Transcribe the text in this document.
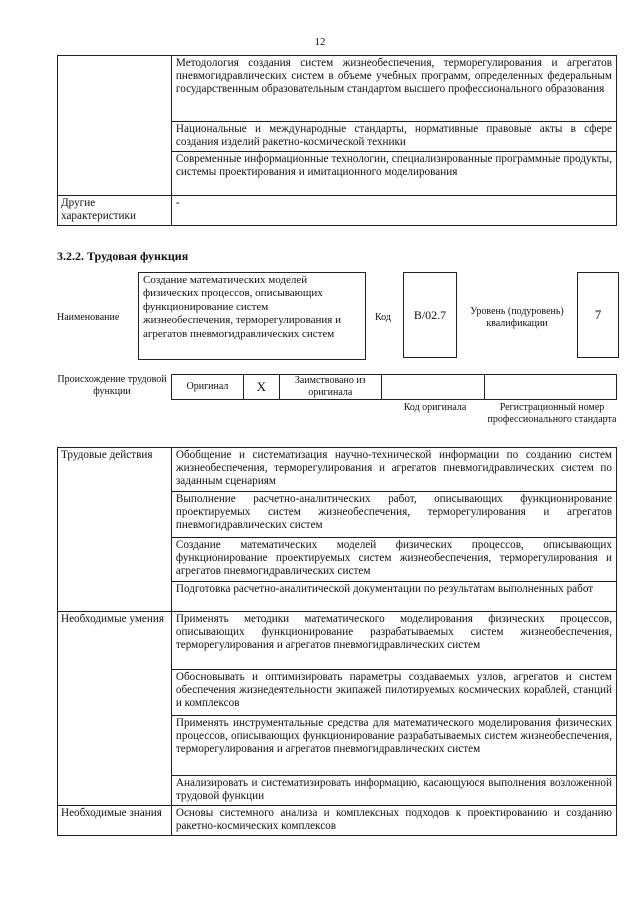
12
	Методология создания систем жизнеобеспечения, терморегулирования и агрегатов пневмогидравлических систем в объеме учебных программ, определенных федеральным государственным образовательным стандартом высшего профессионального образования
	Национальные и международные стандарты, нормативные правовые акты в сфере создания изделий ракетно-космической техники
	Современные информационные технологии, специализированные программные продукты, системы проектирования и имитационного моделирования
Другие характеристики	-
3.2.2. Трудовая функция
Наименование
Создание математических моделей физических процессов, описывающих функционирование систем жизнеобеспечения, терморегулирования и агрегатов пневмогидравлических систем
Код	B/02.7	Уровень (подуровень) квалификации
7
Происхождение трудовой функции	Оригинал	X	Заимствовано из оригинала		
Код оригинала	Регистрационный номер профессионального стандарта
Трудовые действия	Обобщение и систематизация научно-технической информации по созданию систем жизнеобеспечения, терморегулирования и агрегатов пневмогидравлических систем по заданным сценариям
	Выполнение расчетно-аналитических работ, описывающих функционирование проектируемых систем жизнеобеспечения, терморегулирования и агрегатов пневмогидравлических систем
	Создание математических моделей физических процессов, описывающих функционирование проектируемых систем жизнеобеспечения, терморегулирования и агрегатов пневмогидравлических систем
	Подготовка расчетно-аналитической документации по результатам выполненных работ
Необходимые умения	Применять методики математического моделирования физических процессов, описывающих функционирование разрабатываемых систем жизнеобеспечения, терморегулирования и агрегатов пневмогидравлических систем
	Обосновывать и оптимизировать параметры создаваемых узлов, агрегатов и систем обеспечения жизнедеятельности экипажей пилотируемых космических кораблей, станций и комплексов
	Применять инструментальные средства для математического моделирования физических процессов, описывающих функционирование разрабатываемых систем жизнеобеспечения, терморегулирования и агрегатов пневмогидравлических систем
	Анализировать и систематизировать информацию, касающуюся выполнения возложенной трудовой функции
Необходимые знания	Основы системного анализа и комплексных подходов к проектированию и созданию ракетно-космических комплексов
